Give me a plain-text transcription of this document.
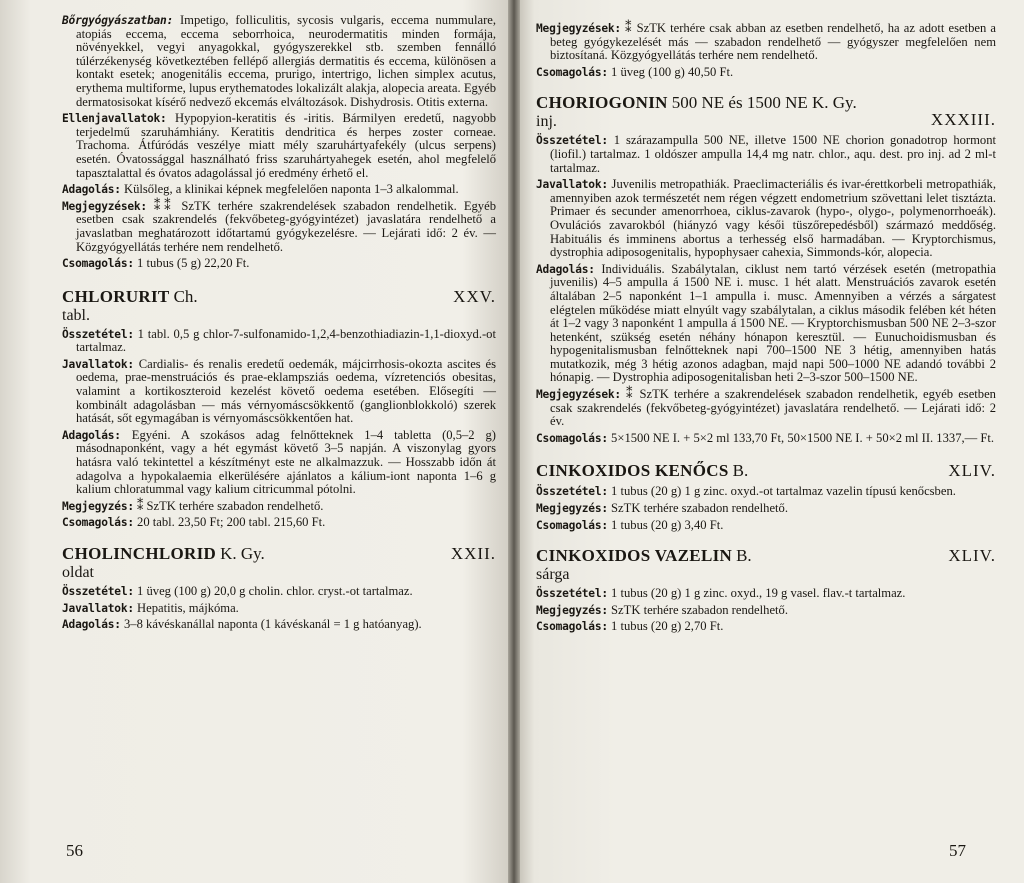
Bőrgyógyászatban: Impetigo, folliculitis, sycosis vulgaris, eccema nummulare, atopiás eccema, eccema seborrhoica, neurodermatitis minden formája, növényekkel, vegyi anyagokkal, gyógyszerekkel stb. szemben fennálló túlérzékenység következtében fellépő allergiás dermatitis és eccema, különösen a kontakt esetek; anogenitális eccema, prurigo, intertrigo, lichen simplex acutus, erythema multiforme, lupus erythematodes lokalizált alakja, alopecia areata. Egyéb dermatosisokat kísérő nedvező ekcemás elváltozások. Dishydrosis. Otitis externa.

Ellenjavallatok: Hypopyion-keratitis és -iritis. Bármilyen eredetű, nagyobb terjedelmű szaruhámhiány. Keratitis dendritica és herpes zoster corneae. Trachoma. Átfúródás veszélye miatt mély szaruhártyafekély (ulcus serpens) esetén. Óvatossággal használható friss szaruhártyahegek esetén, ahol megfelelő tapasztalattal és óvatos adagolással jó eredmény érhető el.

Adagolás: Külsőleg, a klinikai képnek megfelelően naponta 1–3 alkalommal.

Megjegyzések: ⁑⁑ SzTK terhére szakrendelések szabadon rendelhetik. Egyéb esetben csak szakrendelés (fekvőbeteg-gyógyintézet) javaslatára rendelhető a javaslatban meghatározott időtartamú gyógykezelésre. — Lejárati idő: 2 év. — Közgyógyellátás terhére nem rendelhető.

Csomagolás: 1 tubus (5 g) 22,20 Ft.

CHLORURIT Ch.	XXV.
tabl.

Összetétel: 1 tabl. 0,5 g chlor-7-sulfonamido-1,2,4-benzothiadiazin-1,1-dioxyd.-ot tartalmaz.

Javallatok: Cardialis- és renalis eredetű oedemák, májcirrhosis-okozta ascites és oedema, prae-menstruációs és prae-eklampsziás oedema, vízretenciós obesitas, valamint a kortikoszteroid kezelést követő oedema esetében. Elősegíti — kombinált adagolásban — más vérnyomáscsökkentő (ganglionblokkoló) szerek hatását, sőt egymagában is vérnyomáscsökkentően hat.

Adagolás: Egyéni. A szokásos adag felnőtteknek 1–4 tabletta (0,5–2 g) másodnaponként, vagy a hét egymást követő 3–5 napján. A viszonylag gyors hatásra való tekintettel a készítményt este ne alkalmazzuk. — Hosszabb időn át adagolva a hypokalaemia elkerülésére ajánlatos a kálium-iont naponta 1–6 g kalium chloratummal vagy kalium citricummal pótolni.

Megjegyzés: ⁑ SzTK terhére szabadon rendelhető.

Csomagolás: 20 tabl. 23,50 Ft; 200 tabl. 215,60 Ft.

CHOLINCHLORID K. Gy.	XXII.
oldat

Összetétel: 1 üveg (100 g) 20,0 g cholin. chlor. cryst.-ot tartalmaz.

Javallatok: Hepatitis, májkóma.

Adagolás: 3–8 kávéskanállal naponta (1 kávéskanál = 1 g hatóanyag).

56

Megjegyzések: ⁑ SzTK terhére csak abban az esetben rendelhető, ha az adott esetben a beteg gyógykezelését más — szabadon rendelhető — gyógyszer megfelelően nem biztosítaná. Közgyógyellátás terhére nem rendelhető.

Csomagolás: 1 üveg (100 g) 40,50 Ft.

CHORIOGONIN 500 NE és 1500 NE K. Gy.
XXXIII.
inj.

Összetétel: 1 szárazampulla 500 NE, illetve 1500 NE chorion gonadotrop hormont (liofil.) tartalmaz. 1 oldószer ampulla 14,4 mg natr. chlor., aqu. dest. pro inj. ad 2 ml-t tartalmaz.

Javallatok: Juvenilis metropathiák. Praeclimacteriális és ivar-érettkorbeli metropathiák, amennyiben azok természetét nem régen végzett endometrium szövettani lelet tisztázta. Primaer és secunder amenorrhoea, ciklus-zavarok (hypo-, olygo-, polymenorrhoeák). Ovulációs zavarokból (hiányzó vagy késői tüszőrepedésből) származó meddőség. Habituális és imminens abortus a terhesség első harmadában. — Kryptorchismus, dystrophia adiposogenitalis, hypophysaer cahexia, Simmonds-kór, alopecia.

Adagolás: Individuális. Szabálytalan, ciklust nem tartó vérzések esetén (metropathia juvenilis) 4–5 ampulla á 1500 NE i. musc. 1 hét alatt. Menstruációs zavarok esetén általában 2–5 naponként 1–1 ampulla i. musc. Amennyiben a vérzés a sárgatest elégtelen működése miatt elnyúlt vagy szabálytalan, a ciklus második felében két héten át 1–2 vagy 3 naponként 1 ampulla á 1500 NE. — Kryptorchismusban 500 NE 2–3-szor hetenként, szükség esetén néhány hónapon keresztül. — Eunuchoidismusban és hypogenitalismusban felnőtteknek napi 700–1500 NE 3 hétig, amennyiben hatás mutatkozik, még 3 hétig azonos adagban, majd napi 500–1000 NE adandó további 2 hónapig. — Dystrophia adiposogenitalisban heti 2–3-szor 500–1500 NE.

Megjegyzések: ⁑ SzTK terhére a szakrendelések szabadon rendelhetik, egyéb esetben csak szakrendelés (fekvőbeteg-gyógyintézet) javaslatára rendelhető. — Lejárati idő: 2 év.

Csomagolás: 5×1500 NE I. + 5×2 ml 133,70 Ft, 50×1500 NE I. + 50×2 ml II. 1337,— Ft.

CINKOXIDOS KENŐCS B.	XLIV.

Összetétel: 1 tubus (20 g) 1 g zinc. oxyd.-ot tartalmaz vazelin típusú kenőcsben.

Megjegyzés: SzTK terhére szabadon rendelhető.

Csomagolás: 1 tubus (20 g) 3,40 Ft.

CINKOXIDOS VAZELIN B.	XLIV.
sárga

Összetétel: 1 tubus (20 g) 1 g zinc. oxyd., 19 g vasel. flav.-t tartalmaz.

Megjegyzés: SzTK terhére szabadon rendelhető.

Csomagolás: 1 tubus (20 g) 2,70 Ft.

57
